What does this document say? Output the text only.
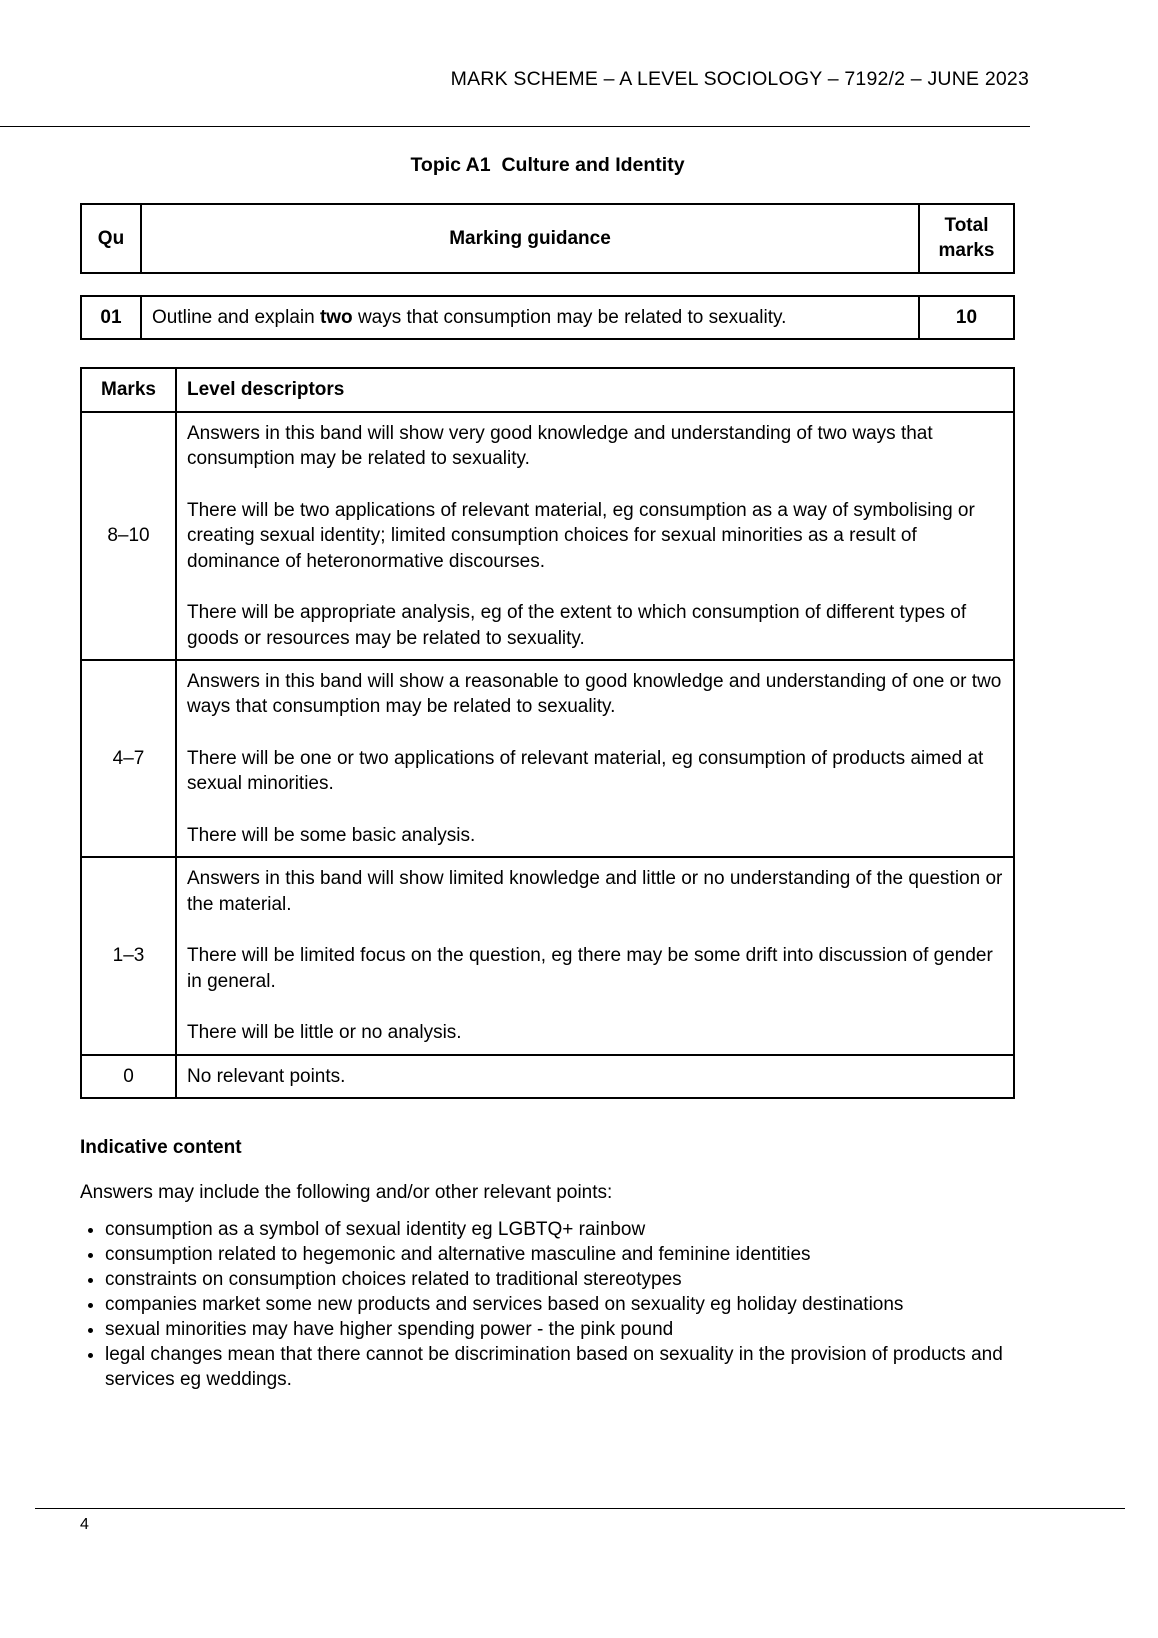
MARK SCHEME – A LEVEL SOCIOLOGY – 7192/2 – JUNE 2023
Topic A1  Culture and Identity
Qu	Marking guidance	Total marks
01	Outline and explain two ways that consumption may be related to sexuality.	10
Marks	Level descriptors
8–10	Answers in this band will show very good knowledge and understanding of two ways that consumption may be related to sexuality.

There will be two applications of relevant material, eg consumption as a way of symbolising or creating sexual identity; limited consumption choices for sexual minorities as a result of dominance of heteronormative discourses.

There will be appropriate analysis, eg of the extent to which consumption of different types of goods or resources may be related to sexuality.

4–7	Answers in this band will show a reasonable to good knowledge and understanding of one or two ways that consumption may be related to sexuality.

There will be one or two applications of relevant material, eg consumption of products aimed at sexual minorities.

There will be some basic analysis.

1–3	Answers in this band will show limited knowledge and little or no understanding of the question or the material.

There will be limited focus on the question, eg there may be some drift into discussion of gender in general.

There will be little or no analysis.

0	No relevant points.

Indicative content

Answers may include the following and/or other relevant points:

• consumption as a symbol of sexual identity eg LGBTQ+ rainbow
• consumption related to hegemonic and alternative masculine and feminine identities
• constraints on consumption choices related to traditional stereotypes
• companies market some new products and services based on sexuality eg holiday destinations
• sexual minorities may have higher spending power - the pink pound
• legal changes mean that there cannot be discrimination based on sexuality in the provision of products and services eg weddings.
4
